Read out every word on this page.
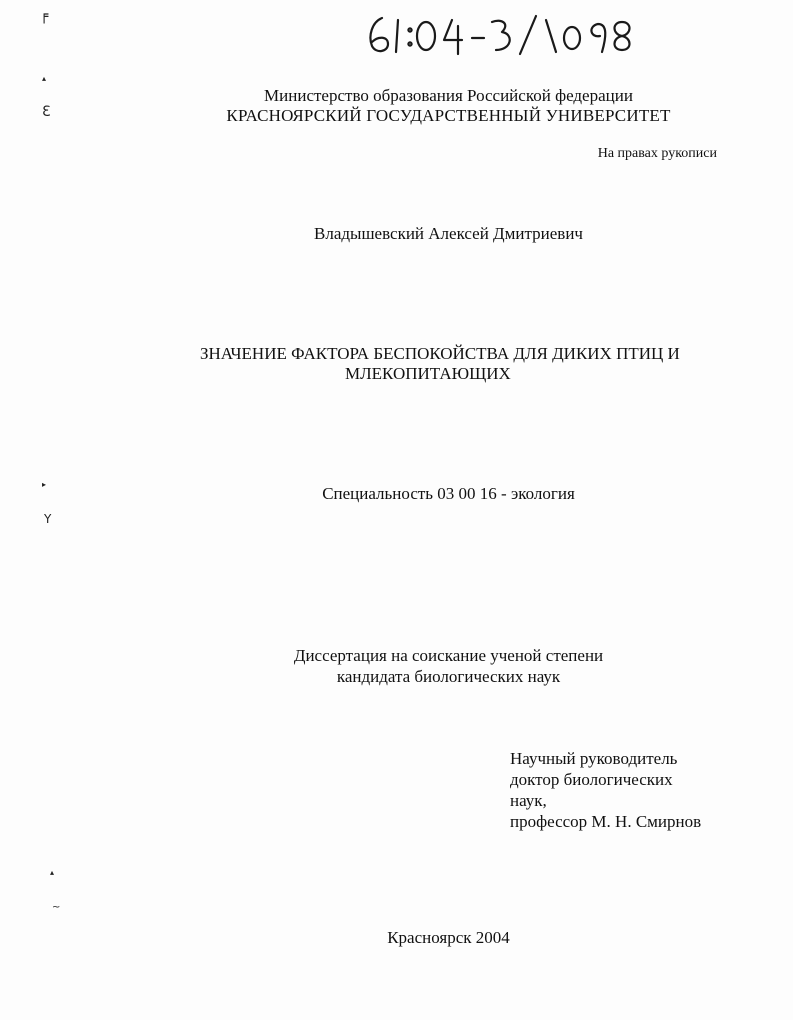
╒
▴
Ɛ
▸
Y
▴
~
Министерство образования Российской федерации
КРАСНОЯРСКИЙ ГОСУДАРСТВЕННЫЙ УНИВЕРСИТЕТ
На правах рукописи
Владышевский Алексей Дмитриевич
ЗНАЧЕНИЕ ФАКТОРА БЕСПОКОЙСТВА ДЛЯ ДИКИХ ПТИЦ И
МЛЕКОПИТАЮЩИХ
Специальность 03 00 16 - экология
Диссертация на соискание ученой степени
кандидата биологических наук
Научный руководитель
доктор биологических
наук,
профессор М. Н. Смирнов
Красноярск 2004
